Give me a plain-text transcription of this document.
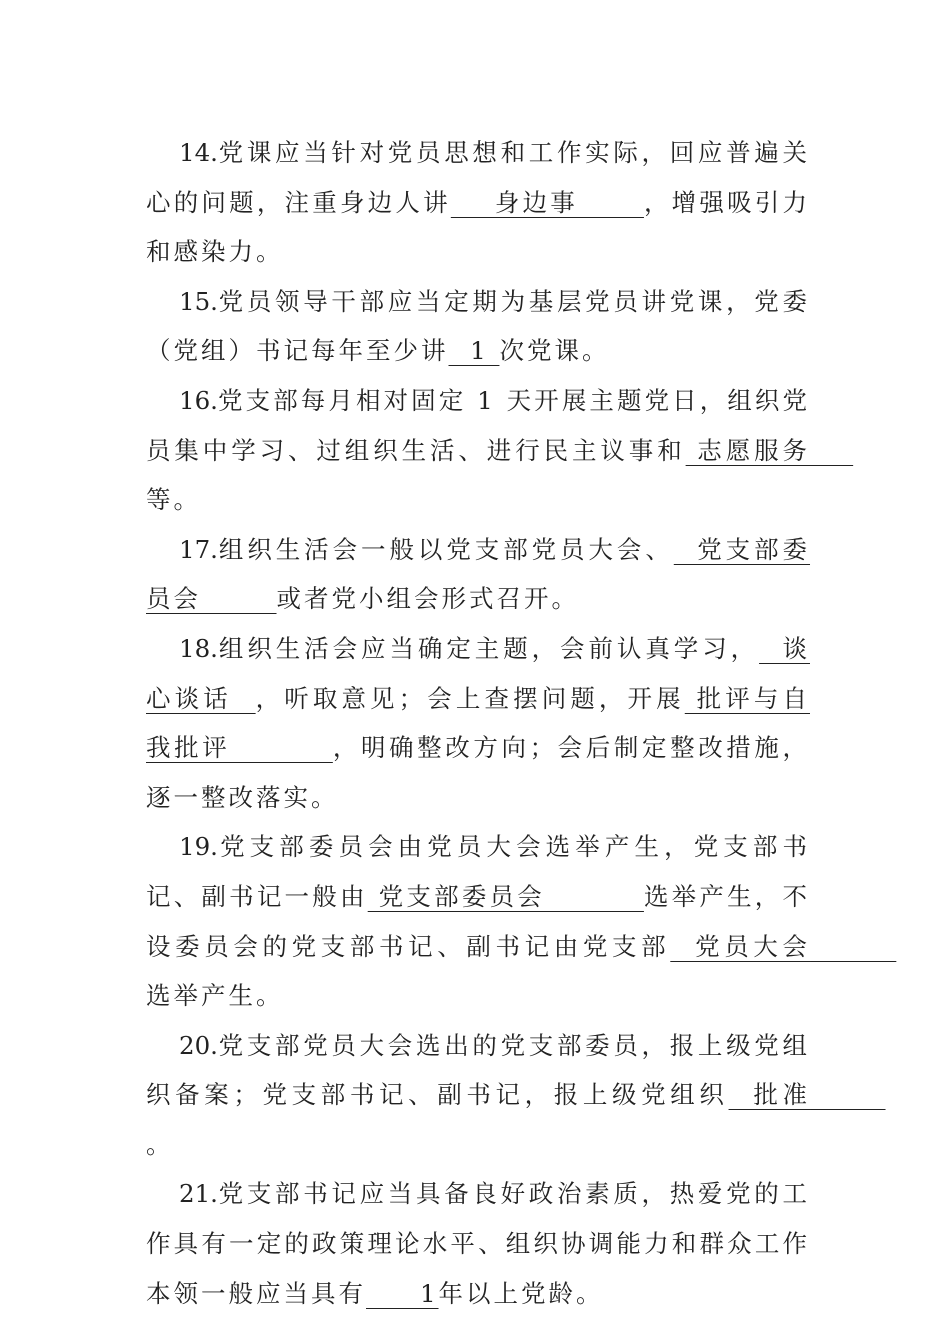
14.党课应当针对党员思想和工作实际，回应普遍关心的问题，注重身边人讲    身边事      ，增强吸引力和感染力。

15.党员领导干部应当定期为基层党员讲党课，党委（党组）书记每年至少讲  1 次党课。

16.党支部每月相对固定 1 天开展主题党日，组织党员集中学习、过组织生活、进行民主议事和 志愿服务    等。

17.组织生活会一般以党支部党员大会、  党支部委员会       或者党小组会形式召开。

18.组织生活会应当确定主题，会前认真学习，  谈心谈话  ，听取意见；会上查摆问题，开展 批评与自我批评         ，明确整改方向；会后制定整改措施，逐一整改落实。

19.党支部委员会由党员大会选举产生，党支部书记、副书记一般由 党支部委员会         选举产生，不设委员会的党支部书记、副书记由党支部  党员大会        选举产生。

20.党支部党员大会选出的党支部委员，报上级党组织备案；党支部书记、副书记，报上级党组织  批准       。

21.党支部书记应当具备良好政治素质，热爱党的工作具有一定的政策理论水平、组织协调能力和群众工作本领一般应当具有     1年以上党龄。
